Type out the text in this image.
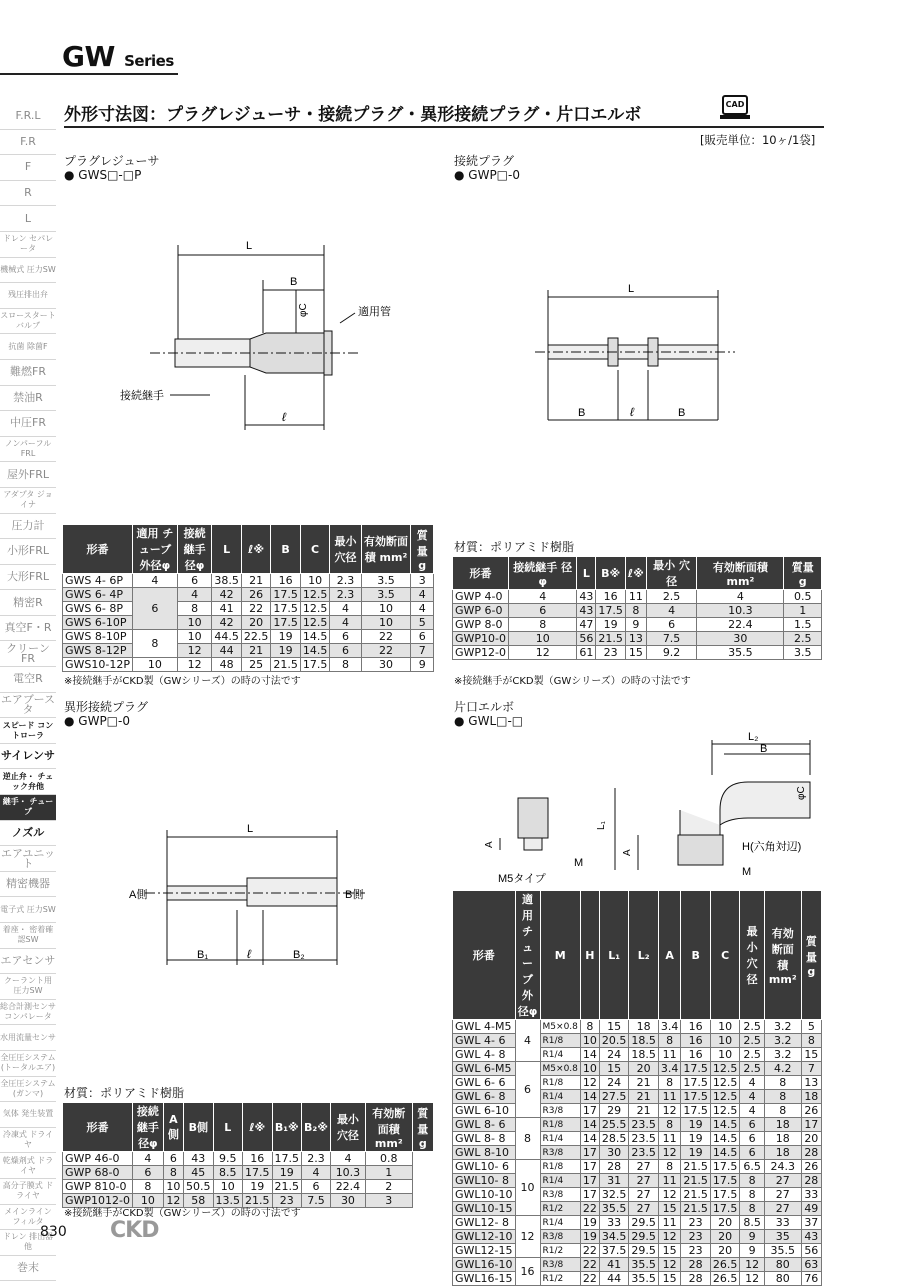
GW Series
F.R.L
F.R
F
R
L
ドレン セパレータ
機械式 圧力SW
残圧排出弁
スロースタート バルブ
抗菌 除菌F
難燃FR
禁油R
中圧FR
ノンパーフル FRL
屋外FRL
アダプタ ジョイナ
圧力計
小形FRL
大形FRL
精密R
真空F・R
クリーンFR
電空R
エアブースタ
スピード コントローラ
サイレンサ
逆止弁・ チェック弁他
継手・ チューブ
ノズル
エアユニット
精密機器
電子式 圧力SW
着座・ 密着確認SW
エアセンサ
クーラント用 圧力SW
総合計測センサ コンパレータ
水用流量センサ
全圧圧システム (トータルエア)
全圧圧システム (ガンマ)
気体 発生装置
冷凍式 ドライヤ
乾燥剤式 ドライヤ
高分子膜式 ドライヤ
メインライン フィルタ
ドレン 排出器他
巻末
外形寸法図：プラグレジューサ・接続プラグ・異形接続プラグ・片口エルボ
CAD
[販売単位：10ヶ/1袋]
プラグレジューサ
● GWS□-□P
接続プラグ
● GWP□-0
異形接続プラグ
● GWP□-0
片口エルボ
● GWL□-□
L
B
φC	適用管
接続継手
ℓ
L
B	ℓ	B
L
A側	B側
B₁	ℓ	B₂
L₂
B
φC
L₁
A
A	H(六角対辺)
M
M
M5タイプ
材質：ポリアミド樹脂
材質：ポリアミド樹脂
形番	適用 チューブ 外径φ	接続継手 径φ	L	ℓ※	B	C	最小 穴径	有効断面積 mm²	質量 g
GWS 4- 6P	4	6	38.5	21	16	10	2.3	3.5	3
GWS 6- 4P	6	4	42	26	17.5	12.5	2.3	3.5	4
GWS 6- 8P		8	41	22	17.5	12.5	4	10	4
GWS 6-10P		10	42	20	17.5	12.5	4	10	5
GWS 8-10P	8	10	44.5	22.5	19	14.5	6	22	6
GWS 8-12P		12	44	21	19	14.5	6	22	7
GWS10-12P	10	12	48	25	21.5	17.5	8	30	9
※接続継手がCKD製（GWシリーズ）の時の寸法です
形番	接続継手 径φ	L	B※	ℓ※	最小 穴径	有効断面積 mm²	質量 g
GWP 4-0	4	43	16	11	2.5	4	0.5
GWP 6-0	6	43	17.5	8	4	10.3	1
GWP 8-0	8	47	19	9	6	22.4	1.5
GWP10-0	10	56	21.5	13	7.5	30	2.5
GWP12-0	12	61	23	15	9.2	35.5	3.5
※接続継手がCKD製（GWシリーズ）の時の寸法です
形番	接続継手径φ	A側	B側	L	ℓ※	B₁※	B₂※	最小 穴径	有効断面積 mm²	質量 g
GWP 46-0	4	6	43	9.5	16	17.5	2.3	4	0.8	
GWP 68-0	6	8	45	8.5	17.5	19	4	10.3	1	
GWP 810-0	8	10	50.5	10	19	21.5	6	22.4	2	
GWP1012-0	10	12	58	13.5	21.5	23	7.5	30	3	
※接続継手がCKD製（GWシリーズ）の時の寸法です
形番	適用 チューブ 外径φ	M	H	L₁	L₂	A	B	C	最小 穴径	有効断面積 mm²	質量 g
GWL 4-M5	4	M5×0.8	8	15	18	3.4	16	10	2.5	3.2	5
GWL 4- 6		R1/8	10	20.5	18.5	8	16	10	2.5	3.2	8
GWL 4- 8		R1/4	14	24	18.5	11	16	10	2.5	3.2	15
GWL 6-M5	6	M5×0.8	10	15	20	3.4	17.5	12.5	2.5	4.2	7
GWL 6- 6		R1/8	12	24	21	8	17.5	12.5	4	8	13
GWL 6- 8		R1/4	14	27.5	21	11	17.5	12.5	4	8	18
GWL 6-10		R3/8	17	29	21	12	17.5	12.5	4	8	26
GWL 8- 6	8	R1/8	14	25.5	23.5	8	19	14.5	6	18	17
GWL 8- 8		R1/4	14	28.5	23.5	11	19	14.5	6	18	20
GWL 8-10		R3/8	17	30	23.5	12	19	14.5	6	18	28
GWL10- 6	10	R1/8	17	28	27	8	21.5	17.5	6.5	24.3	26
GWL10- 8		R1/4	17	31	27	11	21.5	17.5	8	27	28
GWL10-10		R3/8	17	32.5	27	12	21.5	17.5	8	27	33
GWL10-15		R1/2	22	35.5	27	15	21.5	17.5	8	27	49
GWL12- 8	12	R1/4	19	33	29.5	11	23	20	8.5	33	37
GWL12-10		R3/8	19	34.5	29.5	12	23	20	9	35	43
GWL12-15		R1/2	22	37.5	29.5	15	23	20	9	35.5	56
GWL16-10	16	R3/8	22	41	35.5	12	28	26.5	12	80	63
GWL16-15		R1/2	22	44	35.5	15	28	26.5	12	80	76
830 CKD
